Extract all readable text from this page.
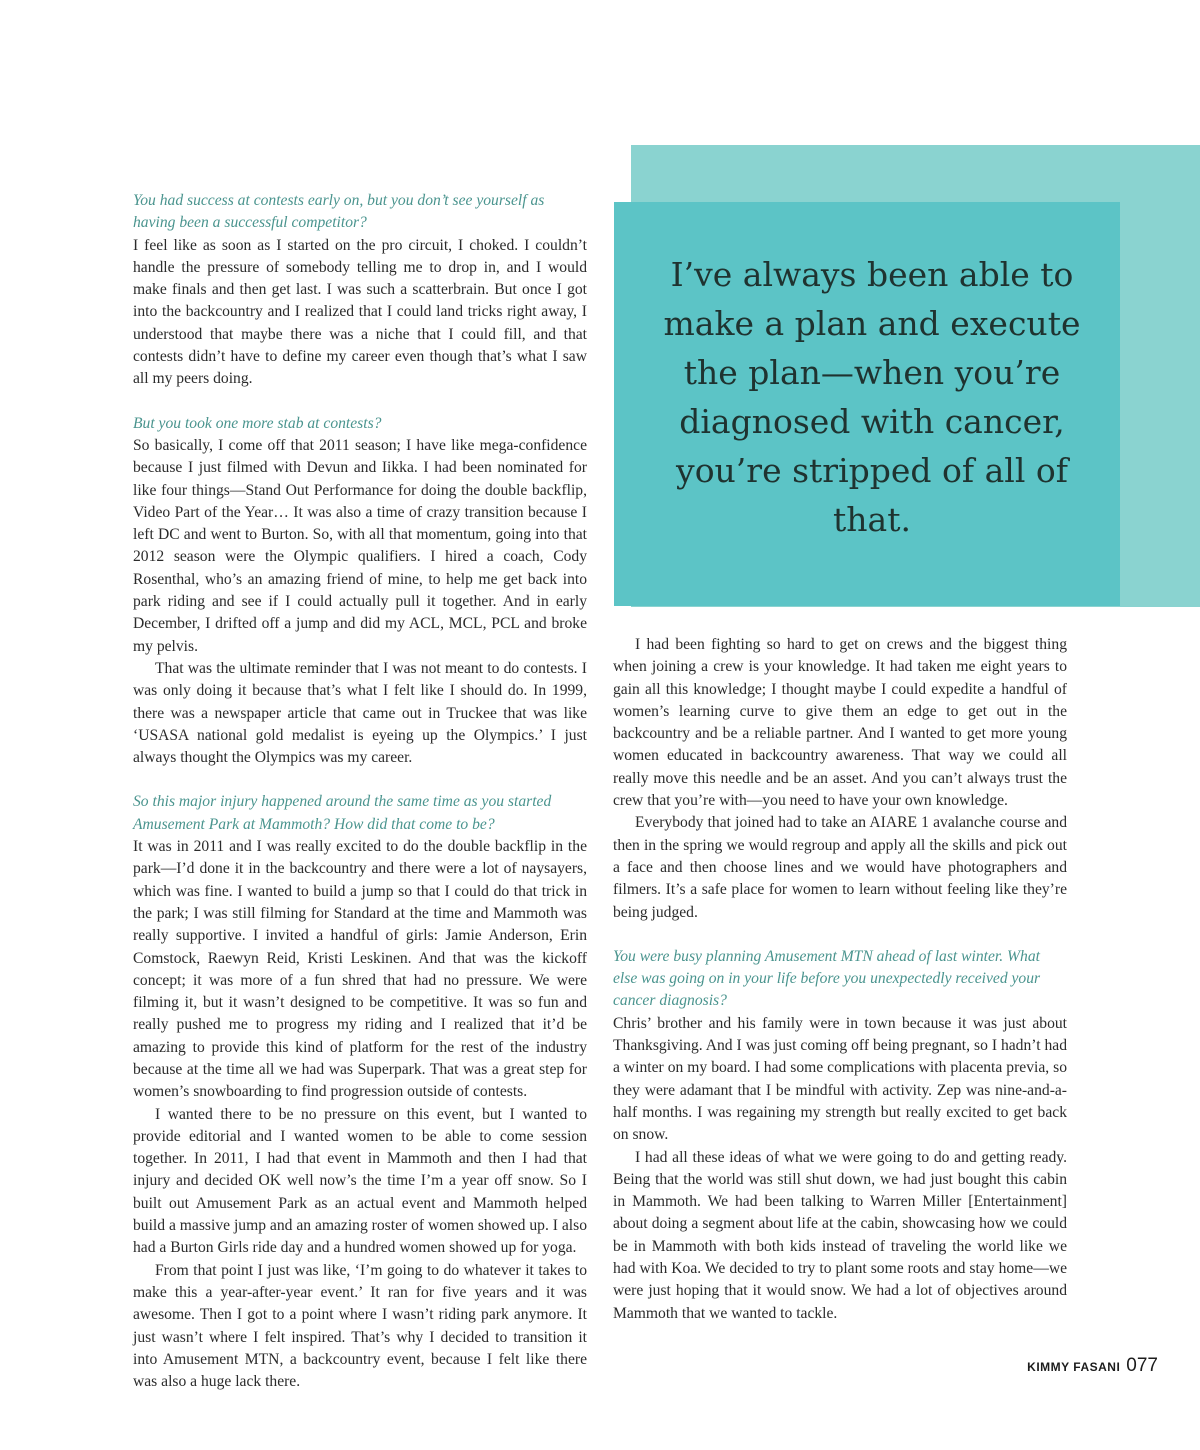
I’ve always been able to make a plan and execute the plan—when you’re diagnosed with cancer, you’re stripped of all of that.
You had success at contests early on, but you don’t see yourself as having been a successful competitor?

I feel like as soon as I started on the pro circuit, I choked. I couldn’t handle the pressure of somebody telling me to drop in, and I would make finals and then get last. I was such a scatterbrain. But once I got into the backcountry and I realized that I could land tricks right away, I understood that maybe there was a niche that I could fill, and that contests didn’t have to define my career even though that’s what I saw all my peers doing.

But you took one more stab at contests?

So basically, I come off that 2011 season; I have like mega-confidence because I just filmed with Devun and Iikka. I had been nominated for like four things—Stand Out Performance for doing the double backflip, Video Part of the Year… It was also a time of crazy transition because I left DC and went to Burton. So, with all that momentum, going into that 2012 season were the Olympic qualifiers. I hired a coach, Cody Rosenthal, who’s an amazing friend of mine, to help me get back into park riding and see if I could actually pull it together. And in early December, I drifted off a jump and did my ACL, MCL, PCL and broke my pelvis.

That was the ultimate reminder that I was not meant to do contests. I was only doing it because that’s what I felt like I should do. In 1999, there was a newspaper article that came out in Truckee that was like ‘USASA national gold medalist is eyeing up the Olympics.’ I just always thought the Olympics was my career.

So this major injury happened around the same time as you started Amusement Park at Mammoth? How did that come to be?

It was in 2011 and I was really excited to do the double backflip in the park—I’d done it in the backcountry and there were a lot of naysayers, which was fine. I wanted to build a jump so that I could do that trick in the park; I was still filming for Standard at the time and Mammoth was really supportive. I invited a handful of girls: Jamie Anderson, Erin Comstock, Raewyn Reid, Kristi Leskinen. And that was the kickoff concept; it was more of a fun shred that had no pressure. We were filming it, but it wasn’t designed to be competitive. It was so fun and really pushed me to progress my riding and I realized that it’d be amazing to provide this kind of platform for the rest of the industry because at the time all we had was Superpark. That was a great step for women’s snowboarding to find progression outside of contests.

I wanted there to be no pressure on this event, but I wanted to provide editorial and I wanted women to be able to come session together. In 2011, I had that event in Mammoth and then I had that injury and decided OK well now’s the time I’m a year off snow. So I built out Amusement Park as an actual event and Mammoth helped build a massive jump and an amazing roster of women showed up. I also had a Burton Girls ride day and a hundred women showed up for yoga.

From that point I just was like, ‘I’m going to do whatever it takes to make this a year-after-year event.’ It ran for five years and it was awesome. Then I got to a point where I wasn’t riding park anymore. It just wasn’t where I felt inspired. That’s why I decided to transition it into Amusement MTN, a backcountry event, because I felt like there was also a huge lack there.

I had been fighting so hard to get on crews and the biggest thing when joining a crew is your knowledge. It had taken me eight years to gain all this knowledge; I thought maybe I could expedite a handful of women’s learning curve to give them an edge to get out in the backcountry and be a reliable partner. And I wanted to get more young women educated in backcountry awareness. That way we could all really move this needle and be an asset. And you can’t always trust the crew that you’re with—you need to have your own knowledge.

Everybody that joined had to take an AIARE 1 avalanche course and then in the spring we would regroup and apply all the skills and pick out a face and then choose lines and we would have photographers and filmers. It’s a safe place for women to learn without feeling like they’re being judged.

You were busy planning Amusement MTN ahead of last winter. What else was going on in your life before you unexpectedly received your cancer diagnosis?

Chris’ brother and his family were in town because it was just about Thanksgiving. And I was just coming off being pregnant, so I hadn’t had a winter on my board. I had some complications with placenta previa, so they were adamant that I be mindful with activity. Zep was nine-and-a-half months. I was regaining my strength but really excited to get back on snow.

I had all these ideas of what we were going to do and getting ready. Being that the world was still shut down, we had just bought this cabin in Mammoth. We had been talking to Warren Miller [Entertainment] about doing a segment about life at the cabin, showcasing how we could be in Mammoth with both kids instead of traveling the world like we had with Koa. We decided to try to plant some roots and stay home—we were just hoping that it would snow. We had a lot of objectives around Mammoth that we wanted to tackle.

KIMMY FASANI 077
